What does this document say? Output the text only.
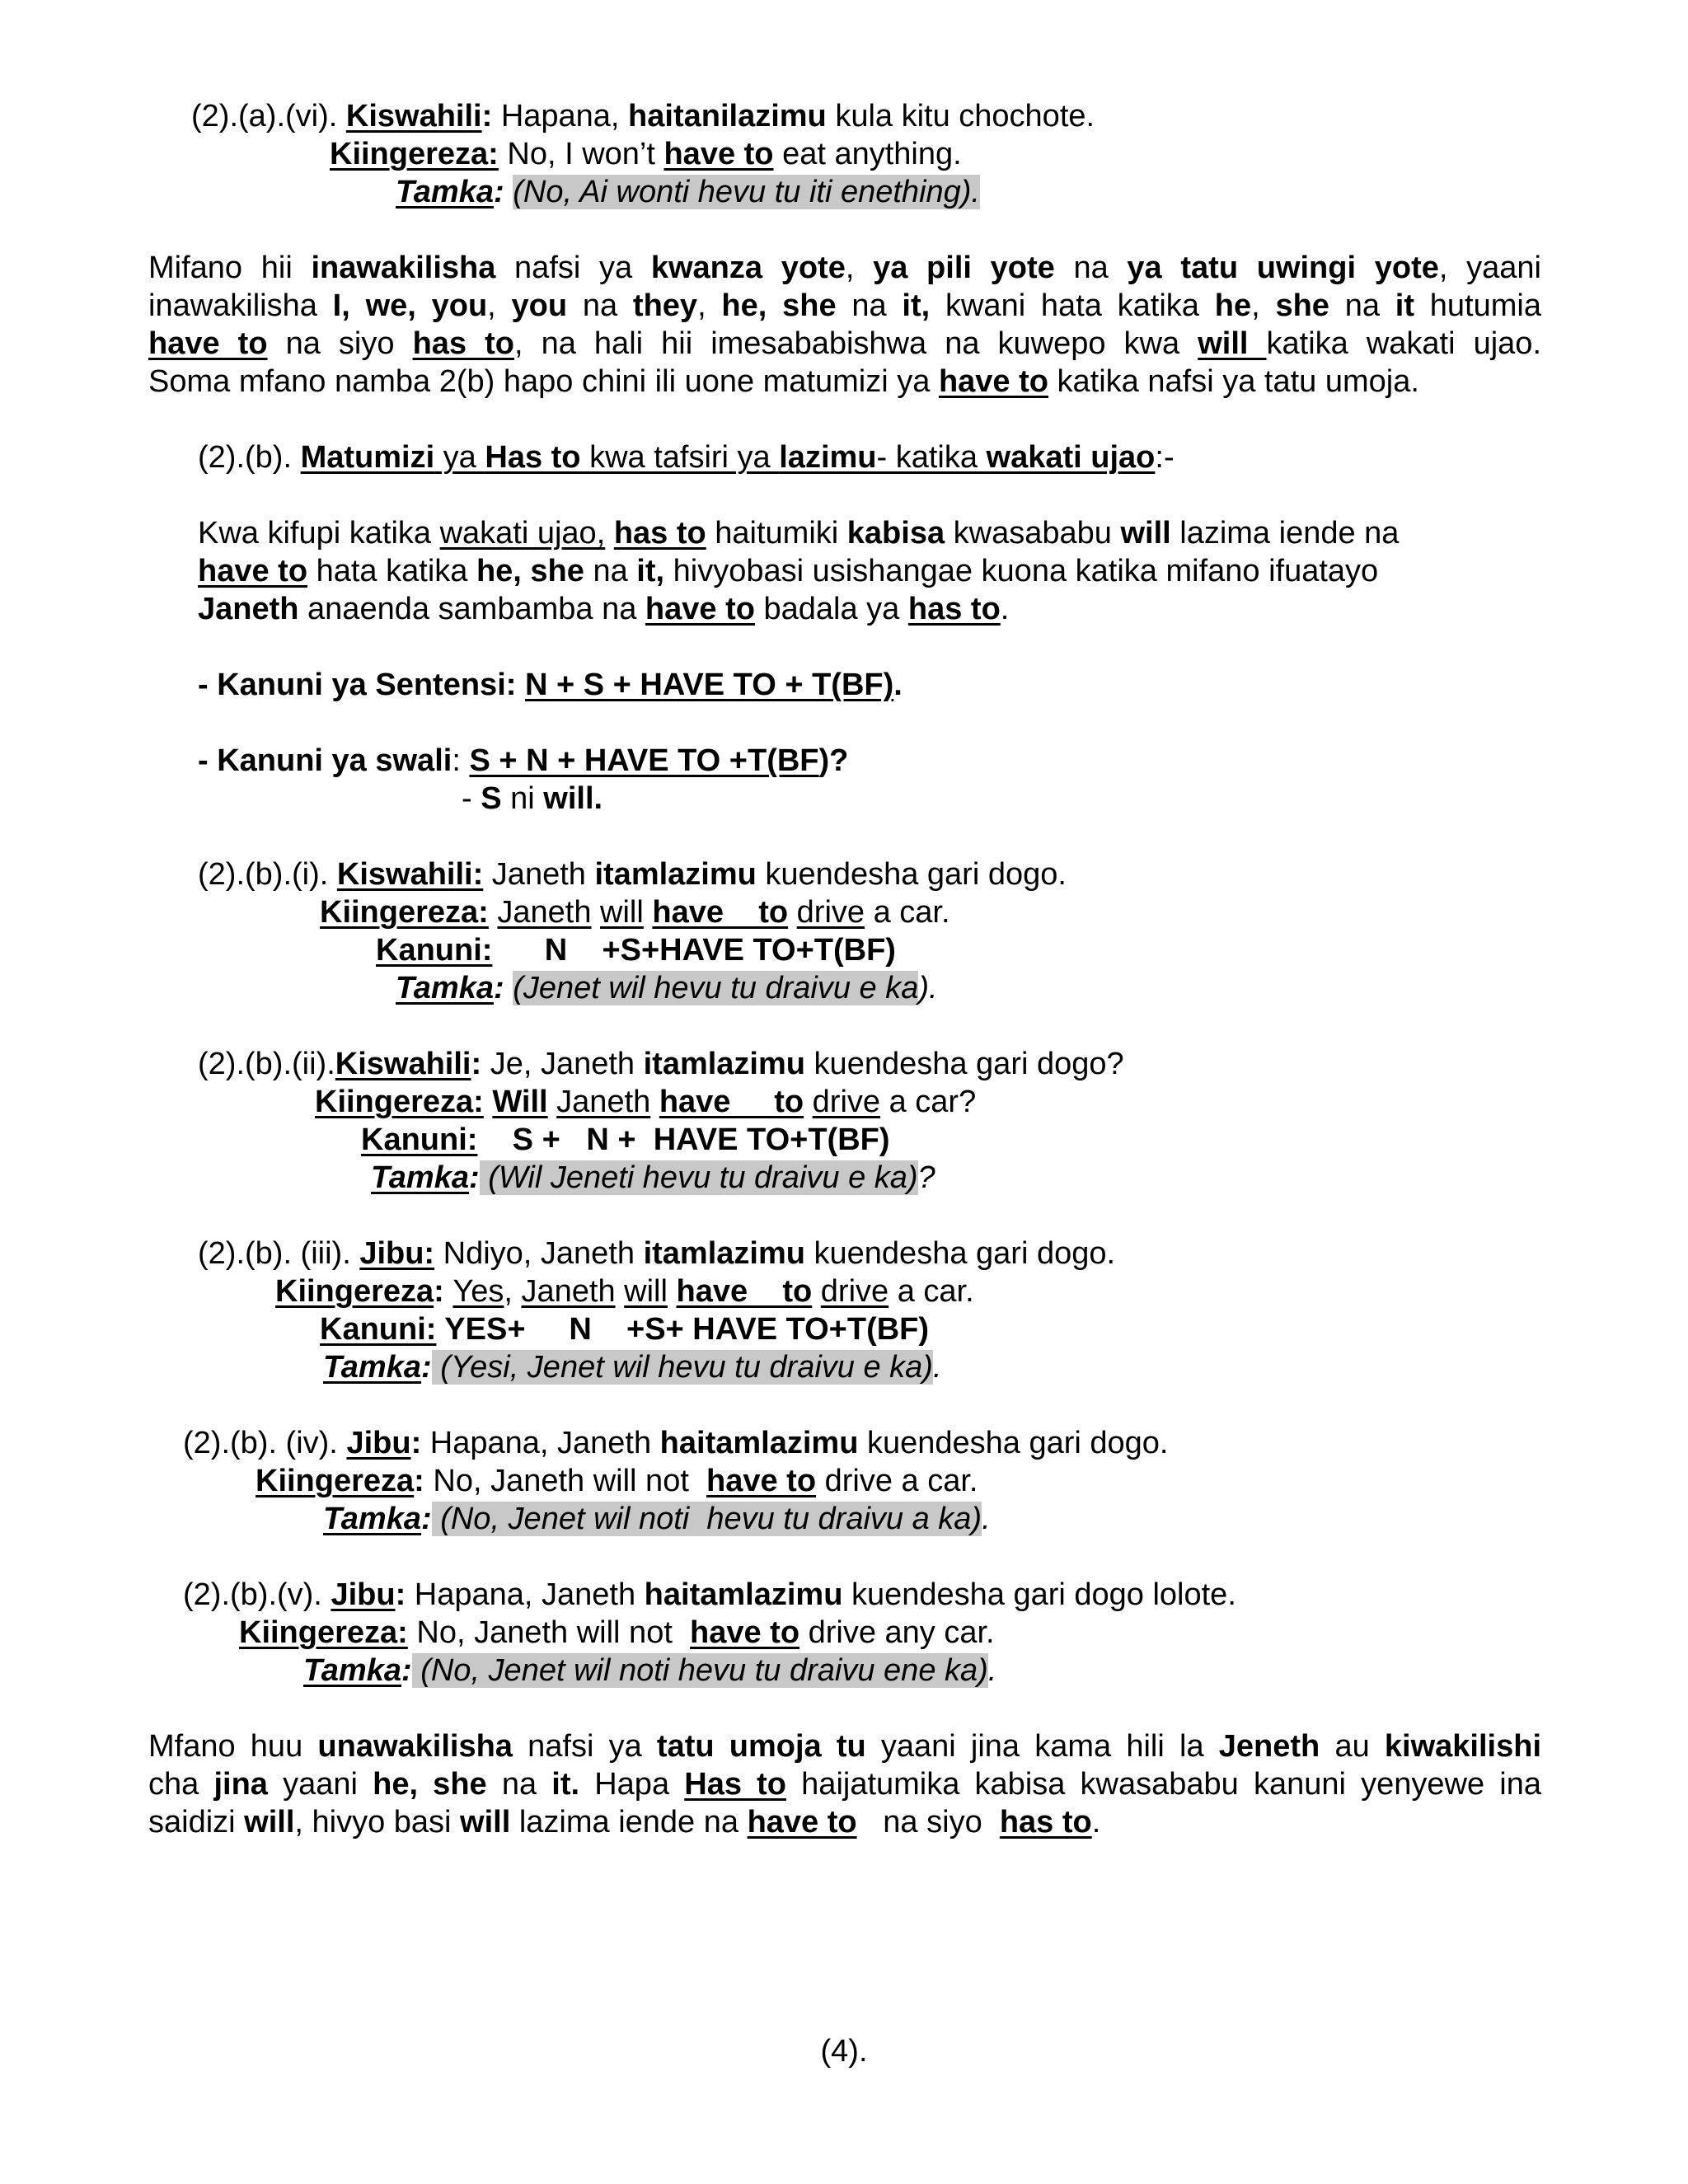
(2).(a).(vi). Kiswahili: Hapana, haitanilazimu kula kitu chochote.
Kiingereza: No, I won’t have to eat anything.
Tamka: (No, Ai wonti hevu tu iti enething).
Mifano hii inawakilisha nafsi ya kwanza yote, ya pili yote na ya tatu uwingi yote, yaani
inawakilisha I, we, you, you na they, he, she na it, kwani hata katika he, she na it hutumia
have to na siyo has to, na hali hii imesababishwa na kuwepo kwa will katika wakati ujao.
Soma mfano namba 2(b) hapo chini ili uone matumizi ya have to katika nafsi ya tatu umoja.
(2).(b). Matumizi ya Has to kwa tafsiri ya lazimu- katika wakati ujao:-
Kwa kifupi katika wakati ujao, has to haitumiki kabisa kwasababu will lazima iende na
have to hata katika he, she na it, hivyobasi usishangae kuona katika mifano ifuatayo
Janeth anaenda sambamba na have to badala ya has to.
- Kanuni ya Sentensi: N + S + HAVE TO + T(BF).
- Kanuni ya swali: S + N + HAVE TO +T(BF)?
- S ni will.
(2).(b).(i). Kiswahili: Janeth itamlazimu kuendesha gari dogo.
Kiingereza: Janeth will have    to drive a car.
Kanuni:      N    +S+HAVE TO+T(BF)
Tamka: (Jenet wil hevu tu draivu e ka).
(2).(b).(ii).Kiswahili: Je, Janeth itamlazimu kuendesha gari dogo?
Kiingereza: Will Janeth have     to drive a car?
Kanuni:    S +   N +  HAVE TO+T(BF)
Tamka: (Wil Jeneti hevu tu draivu e ka)?
(2).(b). (iii). Jibu: Ndiyo, Janeth itamlazimu kuendesha gari dogo.
Kiingereza: Yes, Janeth will have    to drive a car.
Kanuni: YES+     N    +S+ HAVE TO+T(BF)
Tamka: (Yesi, Jenet wil hevu tu draivu e ka).
(2).(b). (iv). Jibu: Hapana, Janeth haitamlazimu kuendesha gari dogo.
Kiingereza: No, Janeth will not  have to drive a car.
Tamka: (No, Jenet wil noti  hevu tu draivu a ka).
(2).(b).(v). Jibu: Hapana, Janeth haitamlazimu kuendesha gari dogo lolote.
Kiingereza: No, Janeth will not  have to drive any car.
Tamka: (No, Jenet wil noti hevu tu draivu ene ka).
Mfano huu unawakilisha nafsi ya tatu umoja tu yaani jina kama hili la Jeneth au kiwakilishi
cha jina yaani he, she na it. Hapa Has to haijatumika kabisa kwasababu kanuni yenyewe ina
saidizi will, hivyo basi will lazima iende na have to   na siyo  has to.
(4).
